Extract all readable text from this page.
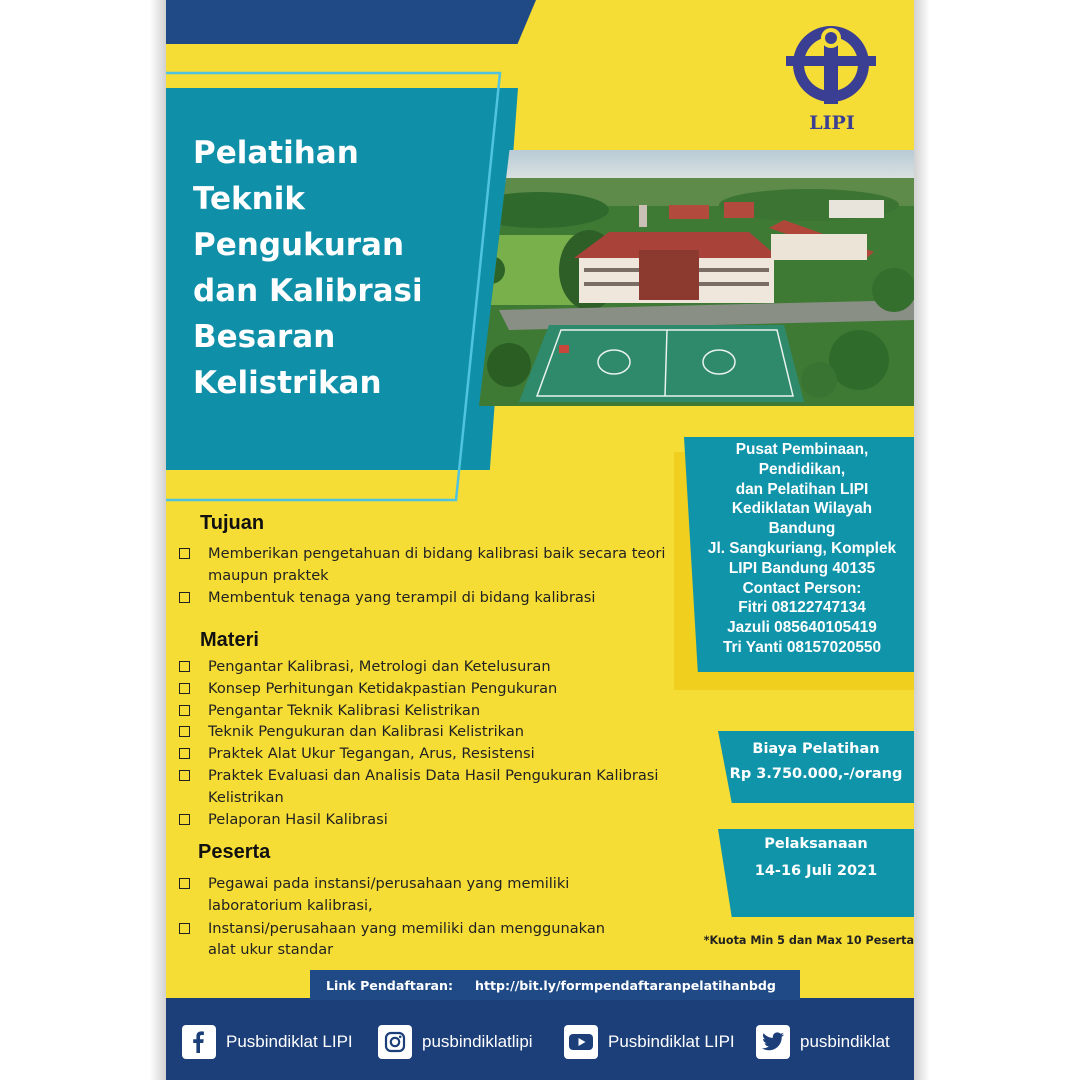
LIPI
Pelatihan
Teknik
Pengukuran
dan Kalibrasi
Besaran
Kelistrikan
Tujuan
Memberikan pengetahuan di bidang kalibrasi baik secara teori maupun praktek
Membentuk tenaga yang terampil di bidang kalibrasi
Materi
Pengantar Kalibrasi, Metrologi dan Ketelusuran
Konsep Perhitungan Ketidakpastian Pengukuran
Pengantar Teknik Kalibrasi Kelistrikan
Teknik Pengukuran dan Kalibrasi Kelistrikan
Praktek Alat Ukur Tegangan, Arus, Resistensi
Praktek Evaluasi dan Analisis Data Hasil Pengukuran Kalibrasi Kelistrikan
Pelaporan Hasil Kalibrasi
Peserta
Pegawai pada instansi/perusahaan yang memiliki laboratorium kalibrasi,
Instansi/perusahaan yang memiliki dan menggunakan alat ukur standar
Pusat Pembinaan,
Pendidikan,
dan Pelatihan LIPI
Kediklatan Wilayah
Bandung
Jl. Sangkuriang, Komplek
LIPI Bandung 40135
Contact Person:
Fitri 08122747134
Jazuli 085640105419
Tri Yanti 08157020550
Biaya Pelatihan
Rp 3.750.000,-/orang
Pelaksanaan
14-16 Juli 2021
*Kuota Min 5 dan Max 10 Peserta
Pusbindiklat LIPI	pusbindiklatlipi	Pusbindiklat LIPI	pusbindiklat
Link Pendaftaran: http://bit.ly/formpendaftaranpelatihanbdg
